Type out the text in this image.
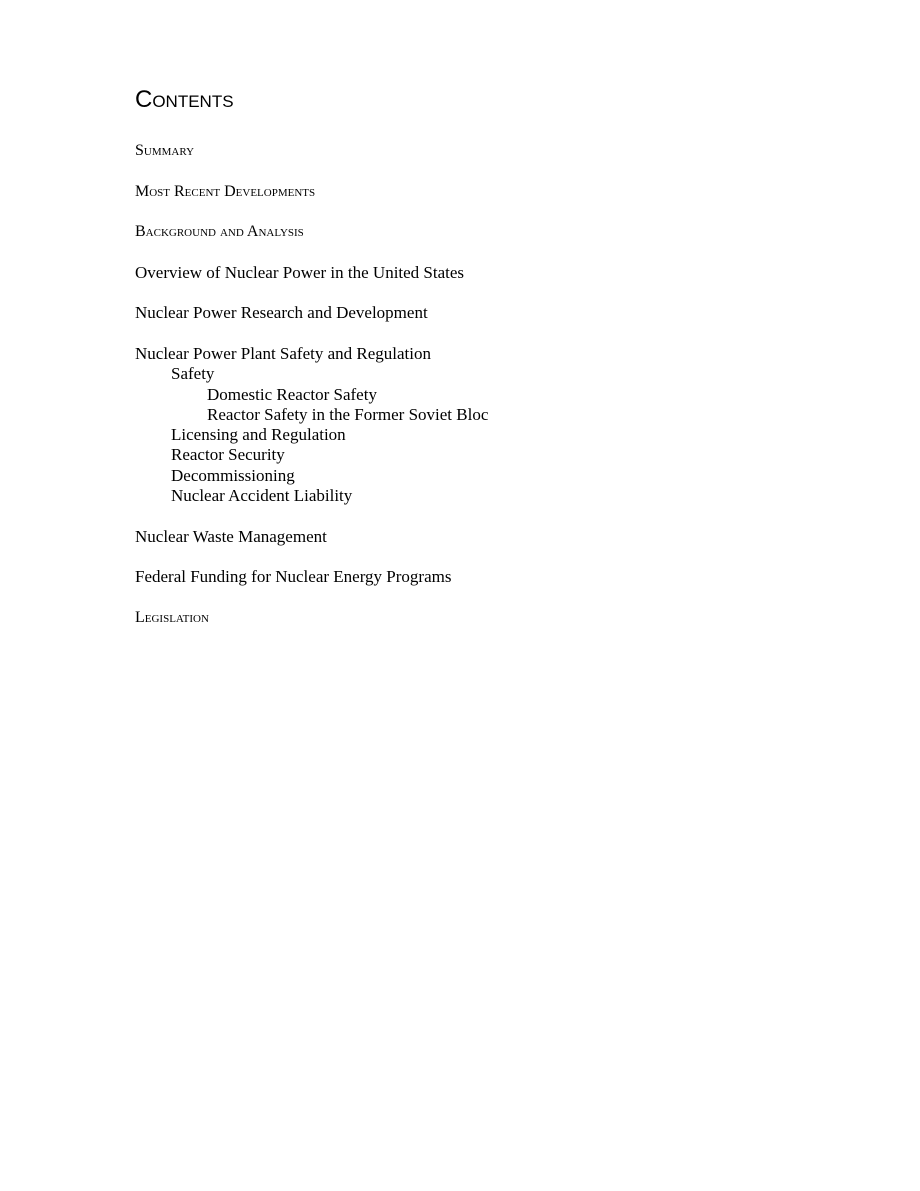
Contents
Summary
Most Recent Developments
Background and Analysis
Overview of Nuclear Power in the United States
Nuclear Power Research and Development
Nuclear Power Plant Safety and Regulation
Safety
Domestic Reactor Safety
Reactor Safety in the Former Soviet Bloc
Licensing and Regulation
Reactor Security
Decommissioning
Nuclear Accident Liability
Nuclear Waste Management
Federal Funding for Nuclear Energy Programs
Legislation
